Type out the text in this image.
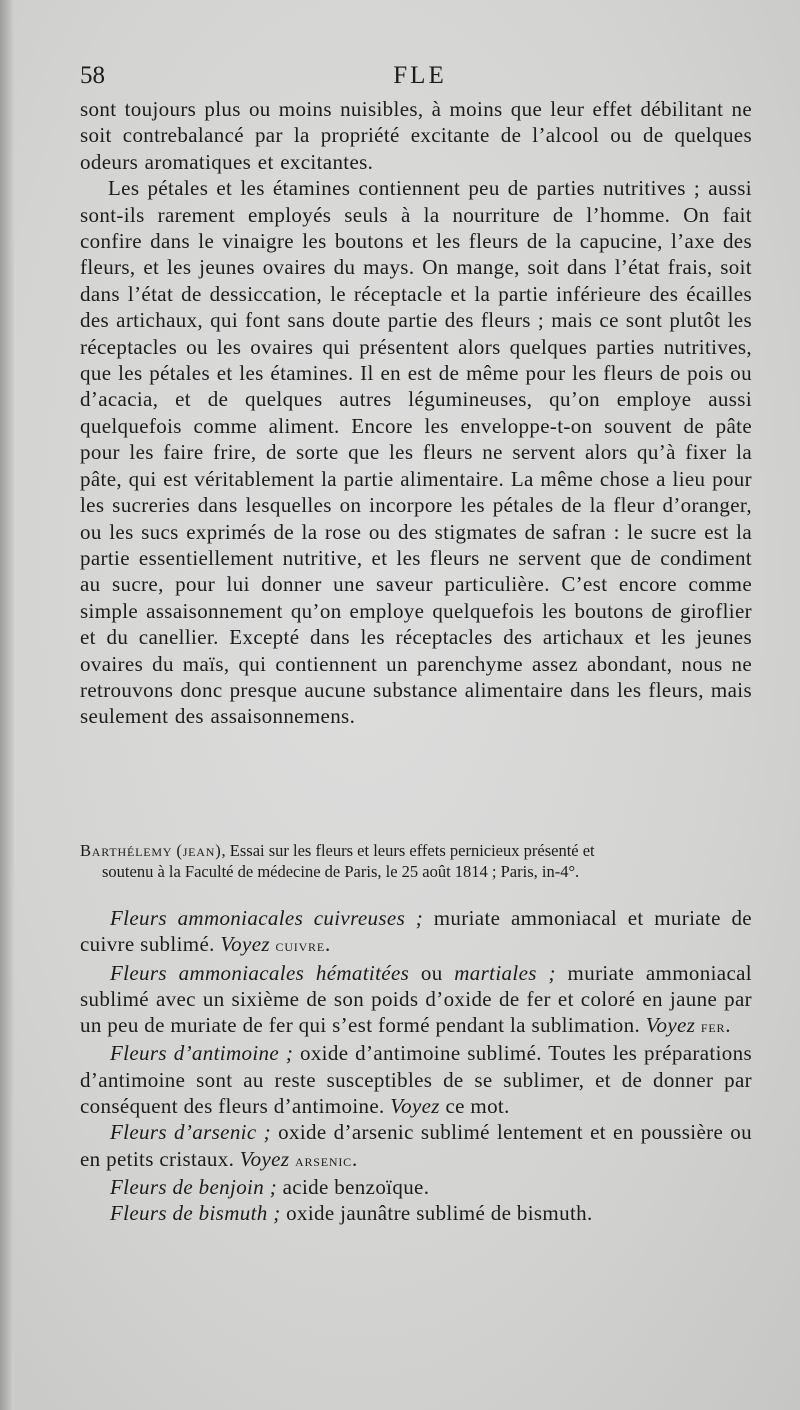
58	FLE

sont toujours plus ou moins nuisibles, à moins que leur effet débilitant ne soit contrebalancé par la propriété excitante de l’alcool ou de quelques odeurs aromatiques et excitantes.

Les pétales et les étamines contiennent peu de parties nutritives ; aussi sont-ils rarement employés seuls à la nourriture de l’homme. On fait confire dans le vinaigre les boutons et les fleurs de la capucine, l’axe des fleurs, et les jeunes ovaires du mays. On mange, soit dans l’état frais, soit dans l’état de dessiccation, le réceptacle et la partie inférieure des écailles des artichaux, qui font sans doute partie des fleurs ; mais ce sont plutôt les réceptacles ou les ovaires qui présentent alors quelques parties nutritives, que les pétales et les étamines. Il en est de même pour les fleurs de pois ou d’acacia, et de quelques autres légumineuses, qu’on employe aussi quelquefois comme aliment. Encore les enveloppe-t-on souvent de pâte pour les faire frire, de sorte que les fleurs ne servent alors qu’à fixer la pâte, qui est véritablement la partie alimentaire. La même chose a lieu pour les sucreries dans lesquelles on incorpore les pétales de la fleur d’oranger, ou les sucs exprimés de la rose ou des stigmates de safran : le sucre est la partie essentiellement nutritive, et les fleurs ne servent que de condiment au sucre, pour lui donner une saveur particulière. C’est encore comme simple assaisonnement qu’on employe quelquefois les boutons de giroflier et du canellier. Excepté dans les réceptacles des artichaux et les jeunes ovaires du maïs, qui contiennent un parenchyme assez abondant, nous ne retrouvons donc presque aucune substance alimentaire dans les fleurs, mais seulement des assaisonnemens.

Barthélemy (jean), Essai sur les fleurs et leurs effets pernicieux présenté et
soutenu à la Faculté de médecine de Paris, le 25 août 1814 ; Paris, in-4°.

Fleurs ammoniacales cuivreuses ; muriate ammoniacal et muriate de cuivre sublimé. Voyez cuivre.

Fleurs ammoniacales hématitées ou martiales ; muriate ammoniacal sublimé avec un sixième de son poids d’oxide de fer et coloré en jaune par un peu de muriate de fer qui s’est formé pendant la sublimation. Voyez fer.

Fleurs d’antimoine ; oxide d’antimoine sublimé. Toutes les préparations d’antimoine sont au reste susceptibles de se sublimer, et de donner par conséquent des fleurs d’antimoine. Voyez ce mot.

Fleurs d’arsenic ; oxide d’arsenic sublimé lentement et en poussière ou en petits cristaux. Voyez arsenic.

Fleurs de benjoin ; acide benzoïque.

Fleurs de bismuth ; oxide jaunâtre sublimé de bismuth.
